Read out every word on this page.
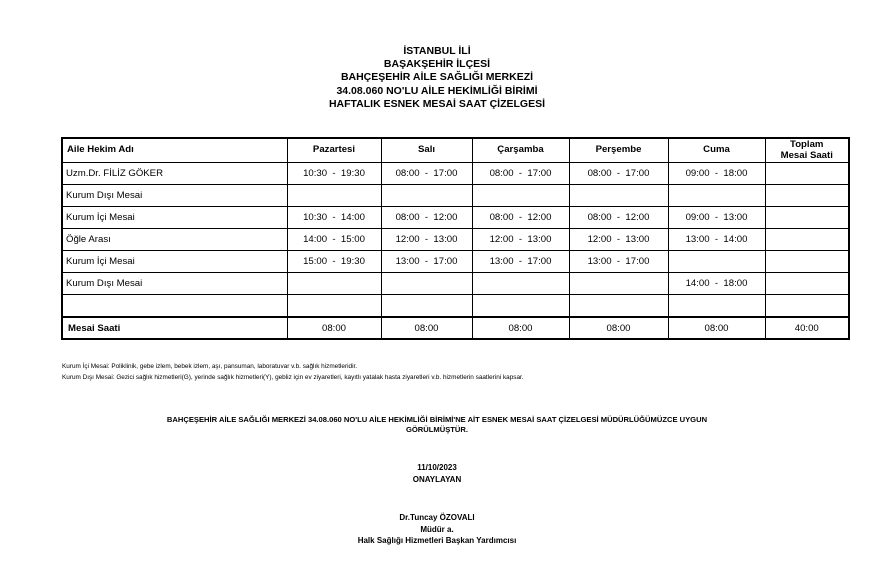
İSTANBUL İLİ
BAŞAKŞEHİR İLÇESİ
BAHÇEŞEHİR AİLE SAĞLIĞI MERKEZİ
34.08.060 NO'LU AİLE HEKİMLİĞİ BİRİMİ
HAFTALIK ESNEK MESAİ SAAT ÇİZELGESİ
Aile Hekim Adı	Pazartesi	Salı	Çarşamba	Perşembe	Cuma	Toplam
Mesai Saati

Uzm.Dr. FİLİZ GÖKER	10:30  -  19:30	08:00  -  17:00	08:00  -  17:00	08:00  -  17:00	09:00  -  18:00	
Kurum Dışı Mesai						
Kurum İçi Mesai	10:30  -  14:00	08:00  -  12:00	08:00  -  12:00	08:00  -  12:00	09:00  -  13:00	
Öğle Arası	14:00  -  15:00	12:00  -  13:00	12:00  -  13:00	12:00  -  13:00	13:00  -  14:00	
Kurum İçi Mesai	15:00  -  19:30	13:00  -  17:00	13:00  -  17:00	13:00  -  17:00		
Kurum Dışı Mesai					14:00  -  18:00	

Mesai Saati	08:00	08:00	08:00	08:00	08:00	40:00
Kurum İçi Mesai: Poliklinik, gebe izlem, bebek izlem, aşı, pansuman, laboratuvar v.b. sağlık hizmetleridir.
Kurum Dışı Mesai: Gezici sağlık hizmetleri(G), yerinde sağlık hizmetleri(Y), gebliz için ev ziyaretleri, kayıtlı yatalak hasta ziyaretleri v.b. hizmetlerin saatlerini kapsar.
BAHÇEŞEHİR AİLE SAĞLIĞI MERKEZİ 34.08.060 NO'LU AİLE HEKİMLİĞİ BİRİMİ'NE AİT ESNEK MESAİ SAAT ÇİZELGESİ MÜDÜRLÜĞÜMÜZCE UYGUN
GÖRÜLMÜŞTÜR.
11/10/2023
ONAYLAYAN
Dr.Tuncay ÖZOVALI
Müdür a.
Halk Sağlığı Hizmetleri Başkan Yardımcısı
